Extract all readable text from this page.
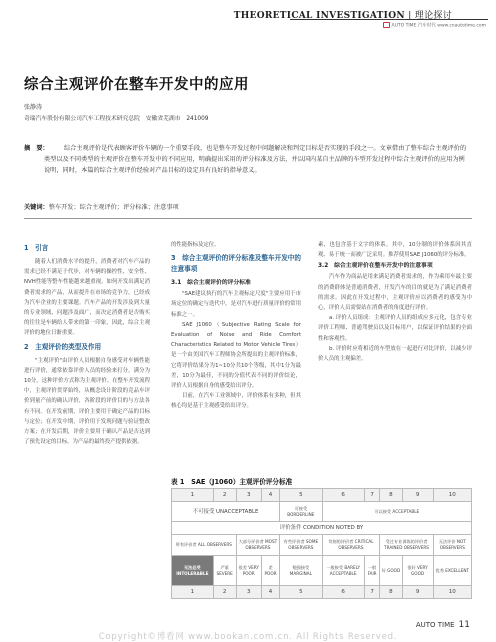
THEORETICAL INVESTIGATION | 理论探讨
AUTO TIME 汽车时代 www.cnautotime.com
综合主观评价在整车开发中的应用
张静涛
奇瑞汽车股份有限公司汽车工程技术研究总院　安徽省芜湖市　241009
摘　要：	综合主观评价是代表顾客评价车辆的一个重要手段，也是整车开发过程中问题解决和判定目标是否实现的手段之一。文章借由了整车综合主观评价的类型以及不同类型的主观评价在整车开发中的不同应用，明确提出采用的评分标准及方法，并以国内某自主品牌的车型开发过程中综合主观评价的应用为例说明，同时，本篇的综合主观评价经验对产品目标的设定具有良好的指导意义。
关键词：整车开发；综合主观评价；评分标准；注意事项
1　引言

随着人们消费水平的提升，消费者对汽车产品的需求已经不满足于代步，对车辆的操控性、安全性、NVH性能等整车性能越来越重视。如何开发出满足消费者需求的产品，从而提升在市场的竞争力，已经成为汽车企业的主要课题。汽车产品的开发涉及到大量的专业领域，问题涉及面广，而决定消费者是否购买的往往是车辆给人带来的第一印象，因此，综合主观评价的地位日渐重要。

2　主观评价的类型及作用

"主观评价"由评价人员根据自身感受对车辆性能进行评价，通常依靠评价人员的经验来打分，满分为10分，这种评价方式称为主观评价。在整车开发流程中，主观评价贯穿始终，从概念设计阶段的竞品车评价到量产前的确认评价，各阶段的评价目的与方法各有不同。在开发前期，评价主要用于确定产品的目标与定位；在开发中期，评价用于发现问题与验证整改方案；在开发后期，评价主要用于确认产品是否达到了预先设定的目标，为产品的最终投产提供依据。

的性能指标及定位。

3　综合主观评价的评分标准及整车开发中的注意事项
3.1　综合主观评价的评分标准

"SAE建议执行的汽车主观标定尺度"主要应用于市场定位的确定与迭代中，是对汽车进行质量评价的常用标准之一。

SAE J1060（Subjective Rating Scale for Evaluation of Noise and Ride Comfort Characteristics Related to Motor Vehicle Tires）是一个由美国汽车工程师协会所提出的主观评价标准，它将评价结果分为1~10分共10个等级，其中1分为最差，10分为最佳，不同的分值代表不同的评价结论，评价人员根据自身的感受给出评分。

目前，在汽车工业领域中，评价体系有多种，但其核心均是基于主观感受给出评分。

素，也包含基于文字的体系。其中，10分制的评价体系因其直观、易于统一而被广泛采用。推荐使用SAE J1060的评分标准。

3.2　综合主观评价在整车开发中的注意事项

汽车作为商品是用来满足消费者需求的，作为乘用车最主要的消费群体是普通消费者，开发汽车的目的就是为了满足消费者的需求。因此在开发过程中，主观评价应以消费者的感受为中心，评价人员需要站在消费者的角度进行评价。

a. 评价人员组成：主观评价人员的组成应多元化，包含专业评价工程师、普通驾驶员以及目标用户，以保证评价结果的全面性和客观性。

b. 评价时应将相近的车型放在一起进行对比评价，以减少评价人员的主观偏差。

表 1　SAE（J1060）主观评价评分标准
1	2	3	4	5	6	7	8	9	10
不可接受 UNACCEPTABLE				可接受 BORDERLINE	可以接受 ACCEPTABLE				
评价条件 CONDITION NOTED BY									
所有评价者 ALL OBSERVERS		大部分评价者 MOST OBSERVERS		有些评价者 SOME OBSERVERS	苛刻的评价者 CRITICAL OBSERVERS		受过专业训练的评价者 TRAINED OBSERVERS		无法评价 NOT OBSERVERS
无法忍受 INTOLERABLE	严重 SEVERE	很差 VERY POOR	差 POOR	勉强接受 MARGINAL	一般接受 BARELY ACCEPTABLE	一般 FAIR	好 GOOD	很好 VERY GOOD	优秀 EXCELLENT
1	2	3	4	5	6	7	8	9	10
AUTO TIME 11
Copyright©博看网 www.bookan.com.cn. All Rights Reserved.
